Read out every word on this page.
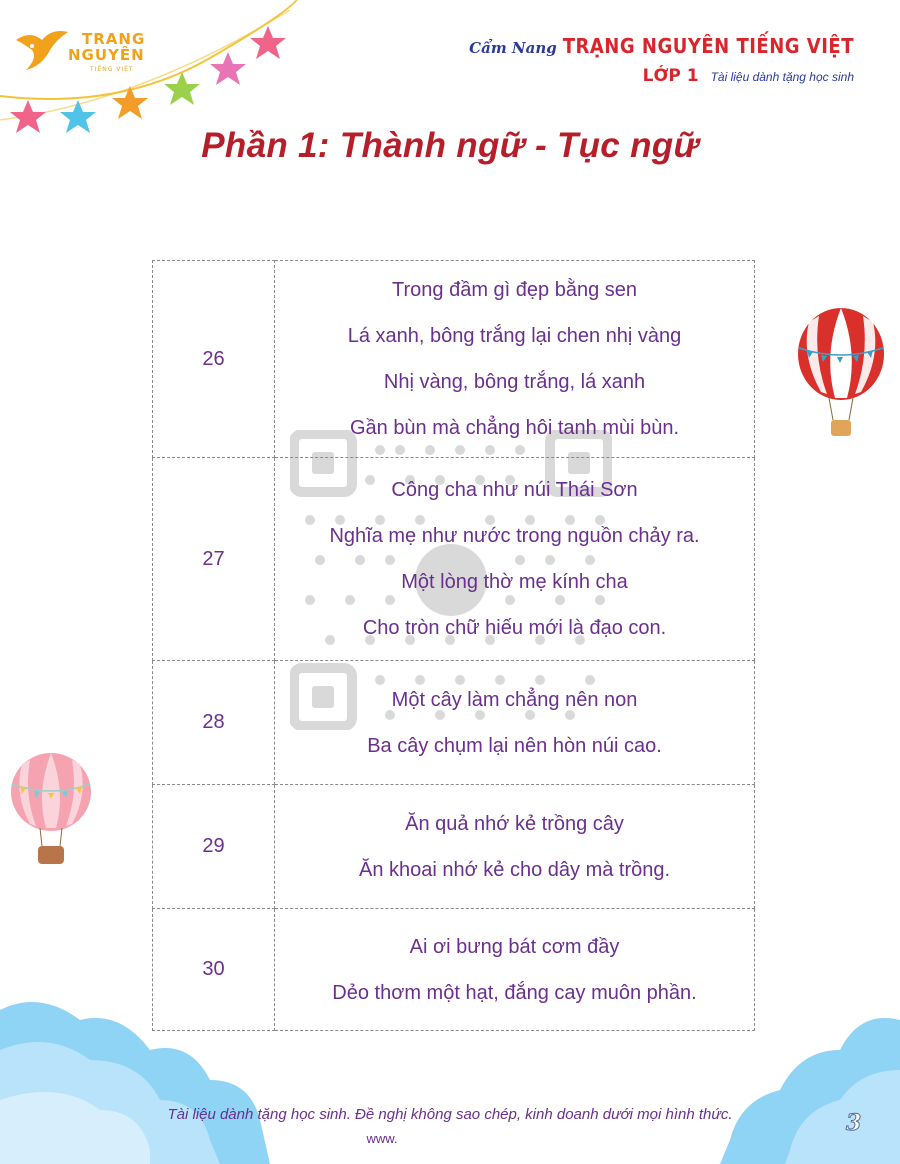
TRANG
NGUYÊN
TIẾNG VIỆT
Cẩm Nang TRẠNG NGUYÊN TIẾNG VIỆT
LỚP 1 Tài liệu dành tặng học sinh
Phần 1: Thành ngữ - Tục ngữ
26	Trong đầm gì đẹp bằng sen
Lá xanh, bông trắng lại chen nhị vàng
Nhị vàng, bông trắng, lá xanh
Gần bùn mà chẳng hôi tanh mùi bùn.

27	Công cha như núi Thái Sơn
Nghĩa mẹ như nước trong nguồn chảy ra.
Một lòng thờ mẹ kính cha
Cho tròn chữ hiếu mới là đạo con.

28	Một cây làm chẳng nên non
Ba cây chụm lại nên hòn núi cao.

29	Ăn quả nhớ kẻ trồng cây
Ăn khoai nhớ kẻ cho dây mà trồng.

30	Ai ơi bưng bát cơm đầy
Dẻo thơm một hạt, đắng cay muôn phần.
Tài liệu dành tặng học sinh. Đề nghị không sao chép, kinh doanh dưới mọi hình thức.
www.
3
